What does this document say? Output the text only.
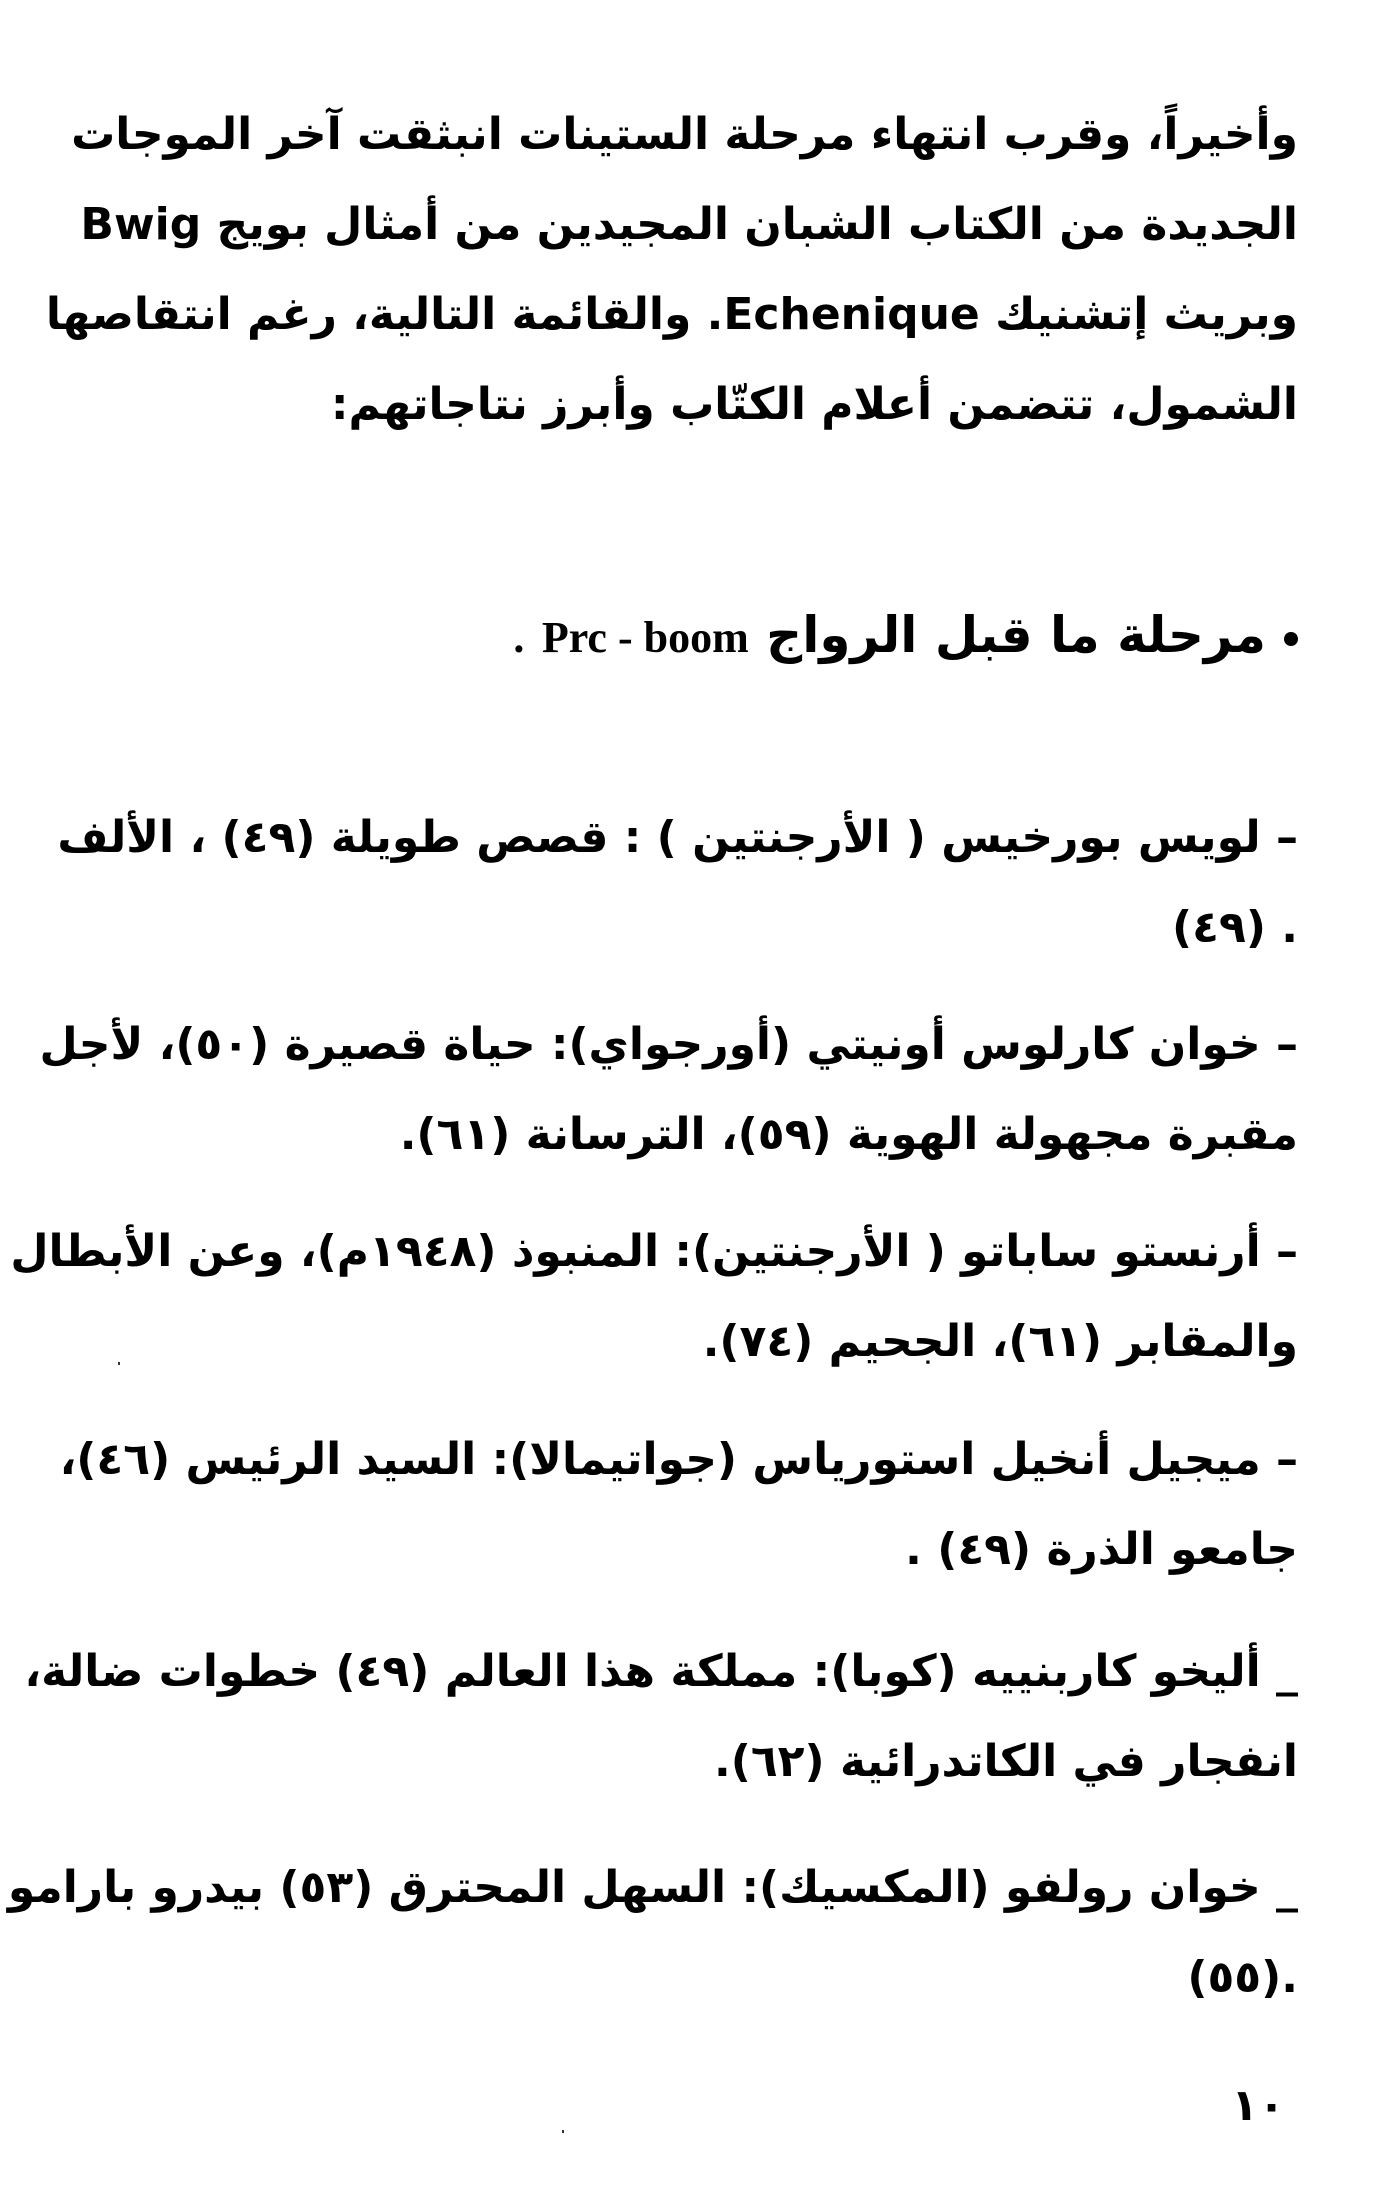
وأخيراً، وقرب انتهاء مرحلة الستينات انبثقت آخر الموجات
الجديدة من الكتاب الشبان المجيدين من أمثال بويج Bwig
وبريث إتشنيك Echenique. والقائمة التالية، رغم انتقاصها
الشمول، تتضمن أعلام الكتّاب وأبرز نتاجاتهم:
مرحلة ما قبل الرواج Prc - boom .
– لويس بورخيس ( الأرجنتين ) : قصص طويلة (٤٩) ، الألف
(٤٩) .
– خوان كارلوس أونيتي (أورجواي): حياة قصيرة (٥٠)، لأجل
مقبرة مجهولة الهوية (٥٩)، الترسانة (٦١).
– أرنستو ساباتو ( الأرجنتين): المنبوذ (١٩٤٨م)، وعن الأبطال
والمقابر (٦١)، الجحيم (٧٤).
– ميجيل أنخيل استورياس (جواتيمالا): السيد الرئيس (٤٦)،
جامعو الذرة (٤٩) .
_ أليخو كاربنييه (كوبا): مملكة هذا العالم (٤٩) خطوات ضالة،
انفجار في الكاتدرائية (٦٢).
_ خوان رولفو (المكسيك): السهل المحترق (٥٣) بيدرو بارامو
(٥٥).
١٠
